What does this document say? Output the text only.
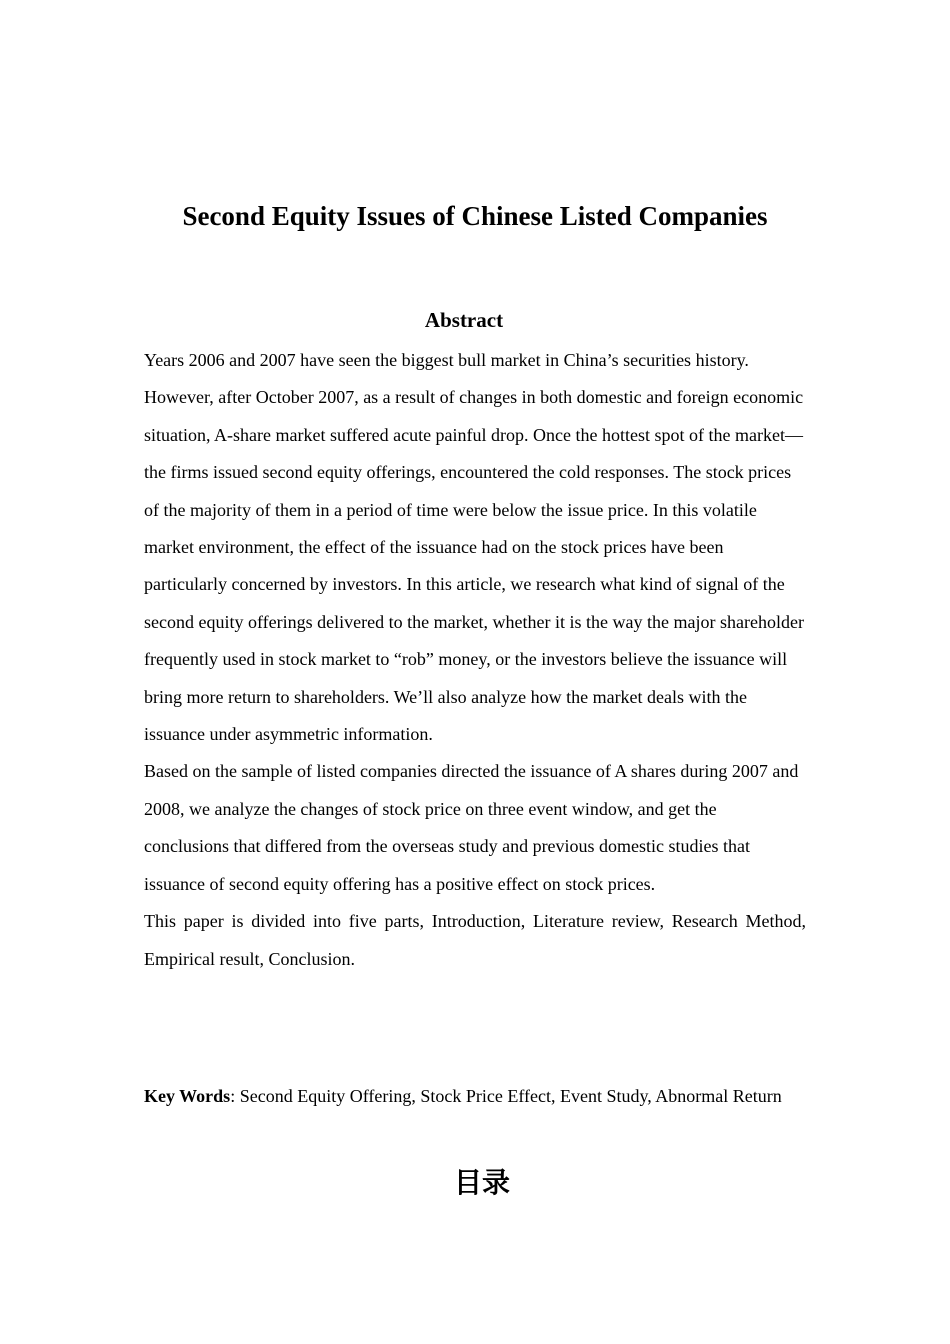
Second Equity Issues of Chinese Listed Companies
Abstract

Years 2006 and 2007 have seen the biggest bull market in China’s securities history. However, after October 2007, as a result of changes in both domestic and foreign economic situation, A-share market suffered acute painful drop. Once the hottest spot of the market—the firms issued second equity offerings, encountered the cold responses. The stock prices of the majority of them in a period of time were below the issue price. In this volatile market environment, the effect of the issuance had on the stock prices have been particularly concerned by investors. In this article, we research what kind of signal of the second equity offerings delivered to the market, whether it is the way the major shareholder frequently used in stock market to “rob” money, or the investors believe the issuance will bring more return to shareholders. We’ll also analyze how the market deals with the issuance under asymmetric information.

Based on the sample of listed companies directed the issuance of A shares during 2007 and 2008, we analyze the changes of stock price on three event window, and get the conclusions that differed from the overseas study and previous domestic studies that issuance of second equity offering has a positive effect on stock prices.

This paper is divided into five parts, Introduction, Literature review, Research Method, Empirical result, Conclusion.

Key Words: Second Equity Offering, Stock Price Effect, Event Study, Abnormal Return

目录
